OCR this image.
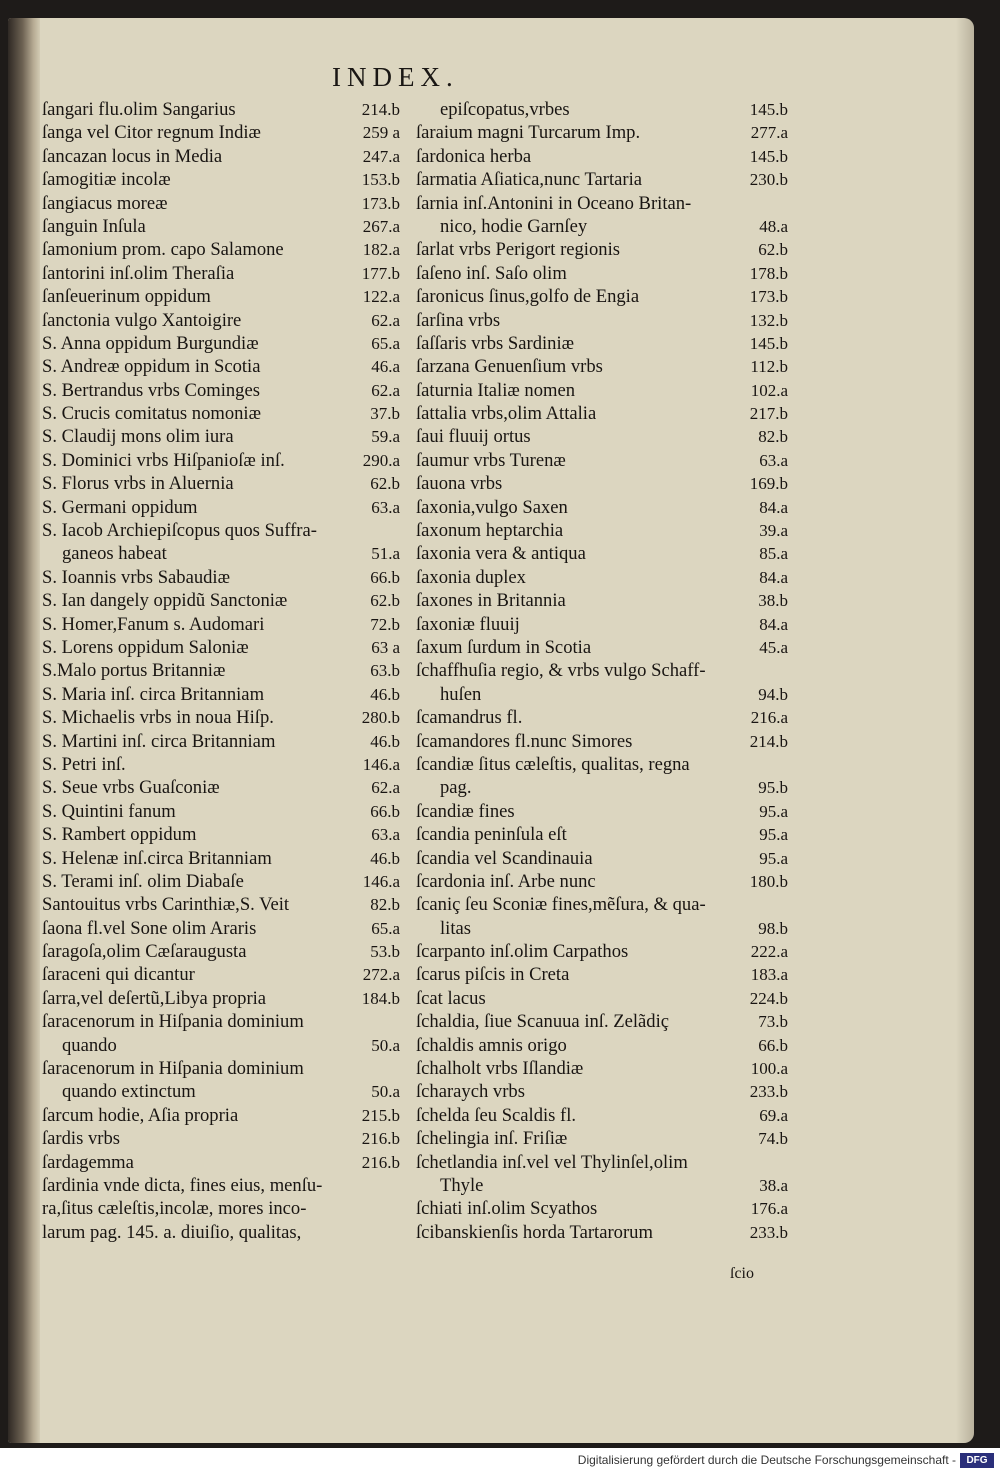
INDEX.
ſangari flu.olim Sangarius	214.b
ſanga vel Citor regnum Indiæ	259 a
ſancazan locus in Media	247.a
ſamogitiæ incolæ	153.b
ſangiacus moreæ	173.b
ſanguin Inſula	267.a
ſamonium prom. capo Salamone	182.a
ſantorini inſ.olim Theraſia	177.b
ſanſeuerinum oppidum	122.a
ſanctonia vulgo Xantoigire	62.a
S. Anna oppidum Burgundiæ	65.a
S. Andreæ oppidum in Scotia	46.a
S. Bertrandus vrbs Cominges	62.a
S. Crucis comitatus nomoniæ	37.b
S. Claudij mons olim iura	59.a
S. Dominici vrbs Hiſpanioſæ inſ.	290.a
S. Florus vrbs in Aluernia	62.b
S. Germani oppidum	63.a
S. Iacob Archiepiſcopus quos Suffra-
ganeos habeat	51.a
S. Ioannis vrbs Sabaudiæ	66.b
S. Ian dangely oppidũ Sanctoniæ	62.b
S. Homer,Fanum s. Audomari	72.b
S. Lorens oppidum Saloniæ	63 a
S.Malo portus Britanniæ	63.b
S. Maria inſ. circa Britanniam	46.b
S. Michaelis vrbs in noua Hiſp.	280.b
S. Martini inſ. circa Britanniam	46.b
S. Petri inſ.	146.a
S. Seue vrbs Guaſconiæ	62.a
S. Quintini fanum	66.b
S. Rambert oppidum	63.a
S. Helenæ inſ.circa Britanniam	46.b
S. Terami inſ. olim Diabaſe	146.a
Santouitus vrbs Carinthiæ,S. Veit	82.b
ſaona fl.vel Sone olim Araris	65.a
ſaragoſa,olim Cæſaraugusta	53.b
ſaraceni qui dicantur	272.a
ſarra,vel deſertũ,Libya propria	184.b
ſaracenorum in Hiſpania dominium
quando	50.a
ſaracenorum in Hiſpania dominium
quando extinctum	50.a
ſarcum hodie, Aſia propria	215.b
ſardis vrbs	216.b
ſardagemma	216.b
ſardinia vnde dicta, fines eius, menſu-
ra,ſitus cæleſtis,incolæ, mores inco-
larum pag. 145. a. diuiſio, qualitas,
epiſcopatus,vrbes	145.b
ſaraium magni Turcarum Imp.	277.a
ſardonica herba	145.b
ſarmatia Aſiatica,nunc Tartaria	230.b
ſarnia inſ.Antonini in Oceano Britan-
nico, hodie Garnſey	48.a
ſarlat vrbs Perigort regionis	62.b
ſaſeno inſ. Saſo olim	178.b
ſaronicus ſinus,golfo de Engia	173.b
ſarſina vrbs	132.b
ſaſſaris vrbs Sardiniæ	145.b
ſarzana Genuenſium vrbs	112.b
ſaturnia Italiæ nomen	102.a
ſattalia vrbs,olim Attalia	217.b
ſaui fluuij ortus	82.b
ſaumur vrbs Turenæ	63.a
ſauona vrbs	169.b
ſaxonia,vulgo Saxen	84.a
ſaxonum heptarchia	39.a
ſaxonia vera & antiqua	85.a
ſaxonia duplex	84.a
ſaxones in Britannia	38.b
ſaxoniæ fluuij	84.a
ſaxum ſurdum in Scotia	45.a
ſchaffhuſia regio, & vrbs vulgo Schaff-
huſen	94.b
ſcamandrus fl.	216.a
ſcamandores fl.nunc Simores	214.b
ſcandiæ ſitus cæleſtis, qualitas, regna
pag.	95.b
ſcandiæ fines	95.a
ſcandia peninſula eſt	95.a
ſcandia vel Scandinauia	95.a
ſcardonia inſ. Arbe nunc	180.b
ſcaniç ſeu Sconiæ fines,mẽſura, & qua-
litas	98.b
ſcarpanto inſ.olim Carpathos	222.a
ſcarus piſcis in Creta	183.a
ſcat lacus	224.b
ſchaldia, ſiue Scanuua inſ. Zelãdiç	73.b
ſchaldis amnis origo	66.b
ſchalholt vrbs Iſlandiæ	100.a
ſcharaych vrbs	233.b
ſchelda ſeu Scaldis fl.	69.a
ſchelingia inſ. Friſiæ	74.b
ſchetlandia inſ.vel vel Thylinſel,olim
Thyle	38.a
ſchiati inſ.olim Scyathos	176.a
ſcibanskienſis horda Tartarorum	233.b
ſcio
Digitalisierung gefördert durch die Deutsche Forschungsgemeinschaft -	DFG
